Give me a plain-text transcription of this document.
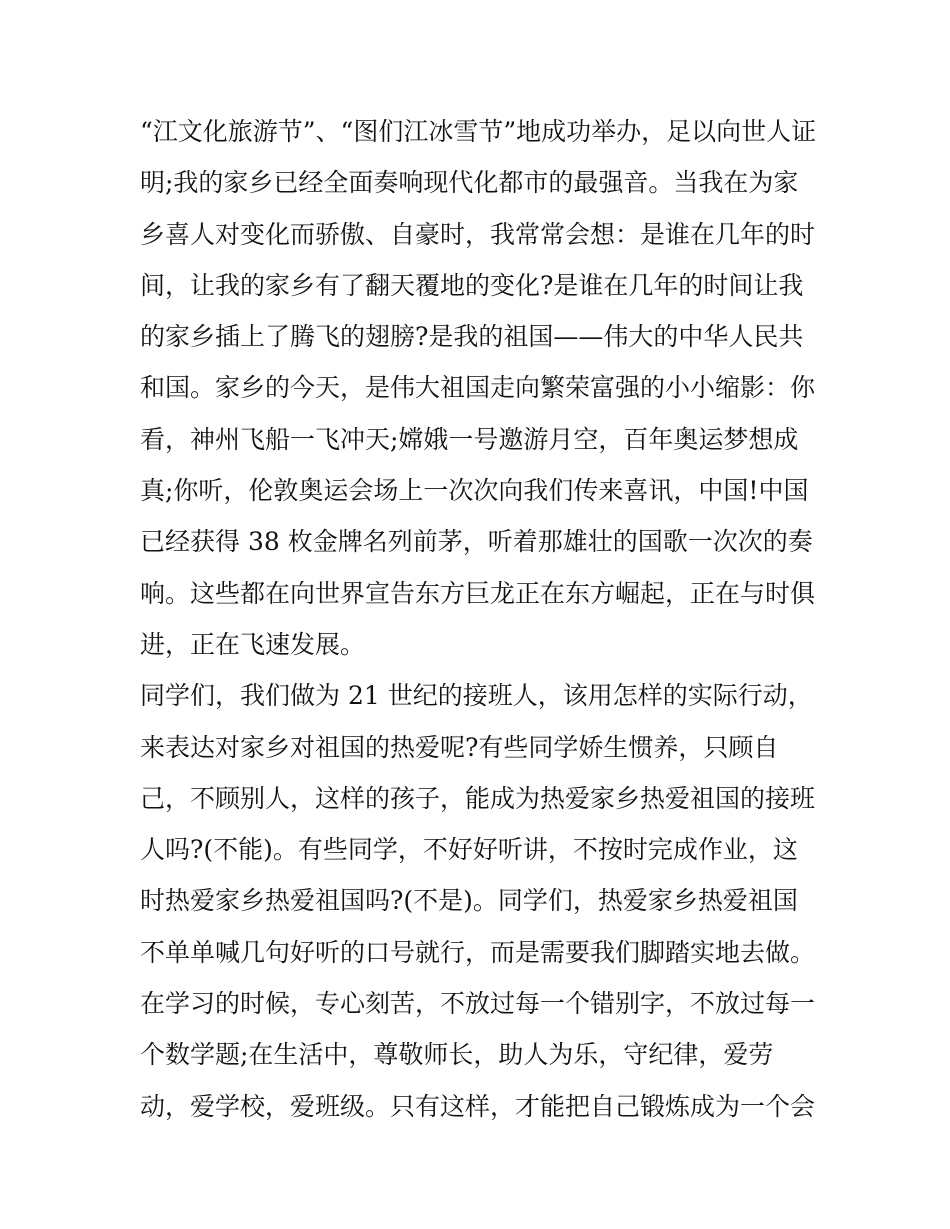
“江文化旅游节”、“图们江冰雪节”地成功举办，足以向世人证
明;我的家乡已经全面奏响现代化都市的最强音。当我在为家
乡喜人对变化而骄傲、自豪时，我常常会想：是谁在几年的时
间，让我的家乡有了翻天覆地的变化?是谁在几年的时间让我
的家乡插上了腾飞的翅膀?是我的祖国——伟大的中华人民共
和国。家乡的今天，是伟大祖国走向繁荣富强的小小缩影：你
看，神州飞船一飞冲天;嫦娥一号邀游月空，百年奥运梦想成
真;你听，伦敦奥运会场上一次次向我们传来喜讯，中国!中国
已经获得 38 枚金牌名列前茅，听着那雄壮的国歌一次次的奏
响。这些都在向世界宣告东方巨龙正在东方崛起，正在与时俱
进，正在飞速发展。
同学们，我们做为 21 世纪的接班人，该用怎样的实际行动，
来表达对家乡对祖国的热爱呢?有些同学娇生惯养，只顾自
己，不顾别人，这样的孩子，能成为热爱家乡热爱祖国的接班
人吗?(不能)。有些同学，不好好听讲，不按时完成作业，这
时热爱家乡热爱祖国吗?(不是)。同学们，热爱家乡热爱祖国
不单单喊几句好听的口号就行，而是需要我们脚踏实地去做。
在学习的时候，专心刻苦，不放过每一个错别字，不放过每一
个数学题;在生活中，尊敬师长，助人为乐，守纪律，爱劳
动，爱学校，爱班级。只有这样，才能把自己锻炼成为一个会
